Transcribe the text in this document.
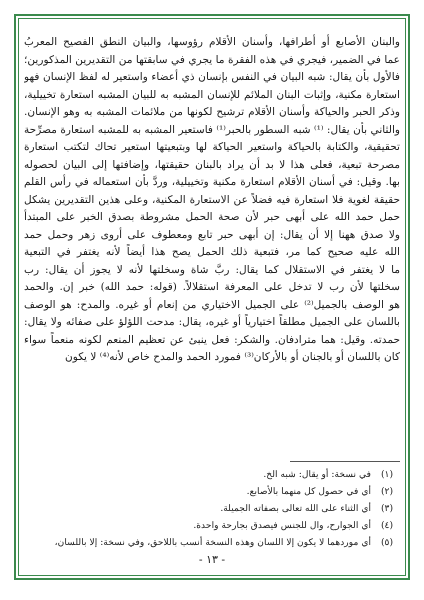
والبنان الأصابع أو أطرافها، وأسنان الأقلام رؤوسها، والبيان النطق الفصيح المعربُ
عما في الضمير، فيجري في هذه الفقرة ما يجري في سابقتها من التقديرين المذكورين؛
فالأول بأن يقال: شبه البيان في النفس بإنسان ذي أعضاء واستعير له لفظ الإنسان فهو
استعارة مكنية، وإثبات البنان الملائم للإنسان المشبه به للبيان المشبه استعارة تخييلية،
وذكر الحبر والحياكة وأسنان الأقلام ترشيح لكونها من ملائمات المشبه به وهو الإنسان.
والثاني بأن يقال: ⁽¹⁾ شبه السطور بالحبر⁽¹⁾ فاستعير المشبه به للمشبه استعارة مصرِّحة
تحقيقية، والكتابة بالحياكة واستعير الحياكة لها وبتبعيتها استعير تحاك لتكتب استعارة
مصرحة تبعية، فعلى هذا لا بد أن يراد بالبنان حقيقتها، وإضافتها إلى البيان لحصوله
بها. وقيل: في أسنان الأقلام استعارة مكنية وتخييلية، وردَّ بأن استعماله في رأس القلم
حقيقة لغوية فلا استعارة فيه فضلاً عن الاستعارة المكنية، وعلى هذين التقديرين يشكل
حمل حمد الله على أبهى حبر لأن صحة الحمل مشروطة بصدق الخبر على المبتدأ
ولا صدق ههنا إلا أن يقال: إن أبهى حبر تابع ومعطوف على أروى زهر وحمل حمد
الله عليه صحيح كما مر، فتبعية ذلك الحمل يصح هذا أيضاً لأنه يغتفر في التبعية
ما لا يغتفر في الاستقلال كما يقال: ربَّ شاة وسخلتها لأنه لا يجوز أن يقال: رب
سخلتها لأن رب لا تدخل على المعرفة استقلالاً. (قوله: حمد الله) خبر إن. والحمد
هو الوصف بالجميل⁽²⁾ على الجميل الاختياري من إنعام أو غيره. والمدح: هو الوصف
باللسان على الجميل مطلقاً اختيارياً أو غيره، يقال: مدحت اللؤلؤ على صفائه ولا يقال:
حمدته. وقيل: هما مترادفان. والشكر: فعل ينبئ عن تعظيم المنعم لكونه منعماً سواء
كان باللسان أو بالجنان أو بالأركان⁽³⁾ فمورد الحمد والمدح خاص لأنه⁽⁴⁾ لا يكون
(١) في نسخة: أو يقال: شبه الخ.
(٢) أي في حصول كل منهما بالأصابع.
(٣) أي الثناء على الله تعالى بصفاته الجميلة.
(٤) أي الجوارح، وال للجنس فيصدق بجارحة واحدة.
(٥) أي موردهما لا يكون إلا اللسان وهذه النسخة أنسب باللاحق، وفي نسخة: إلا باللسان،
- ١٣ -
